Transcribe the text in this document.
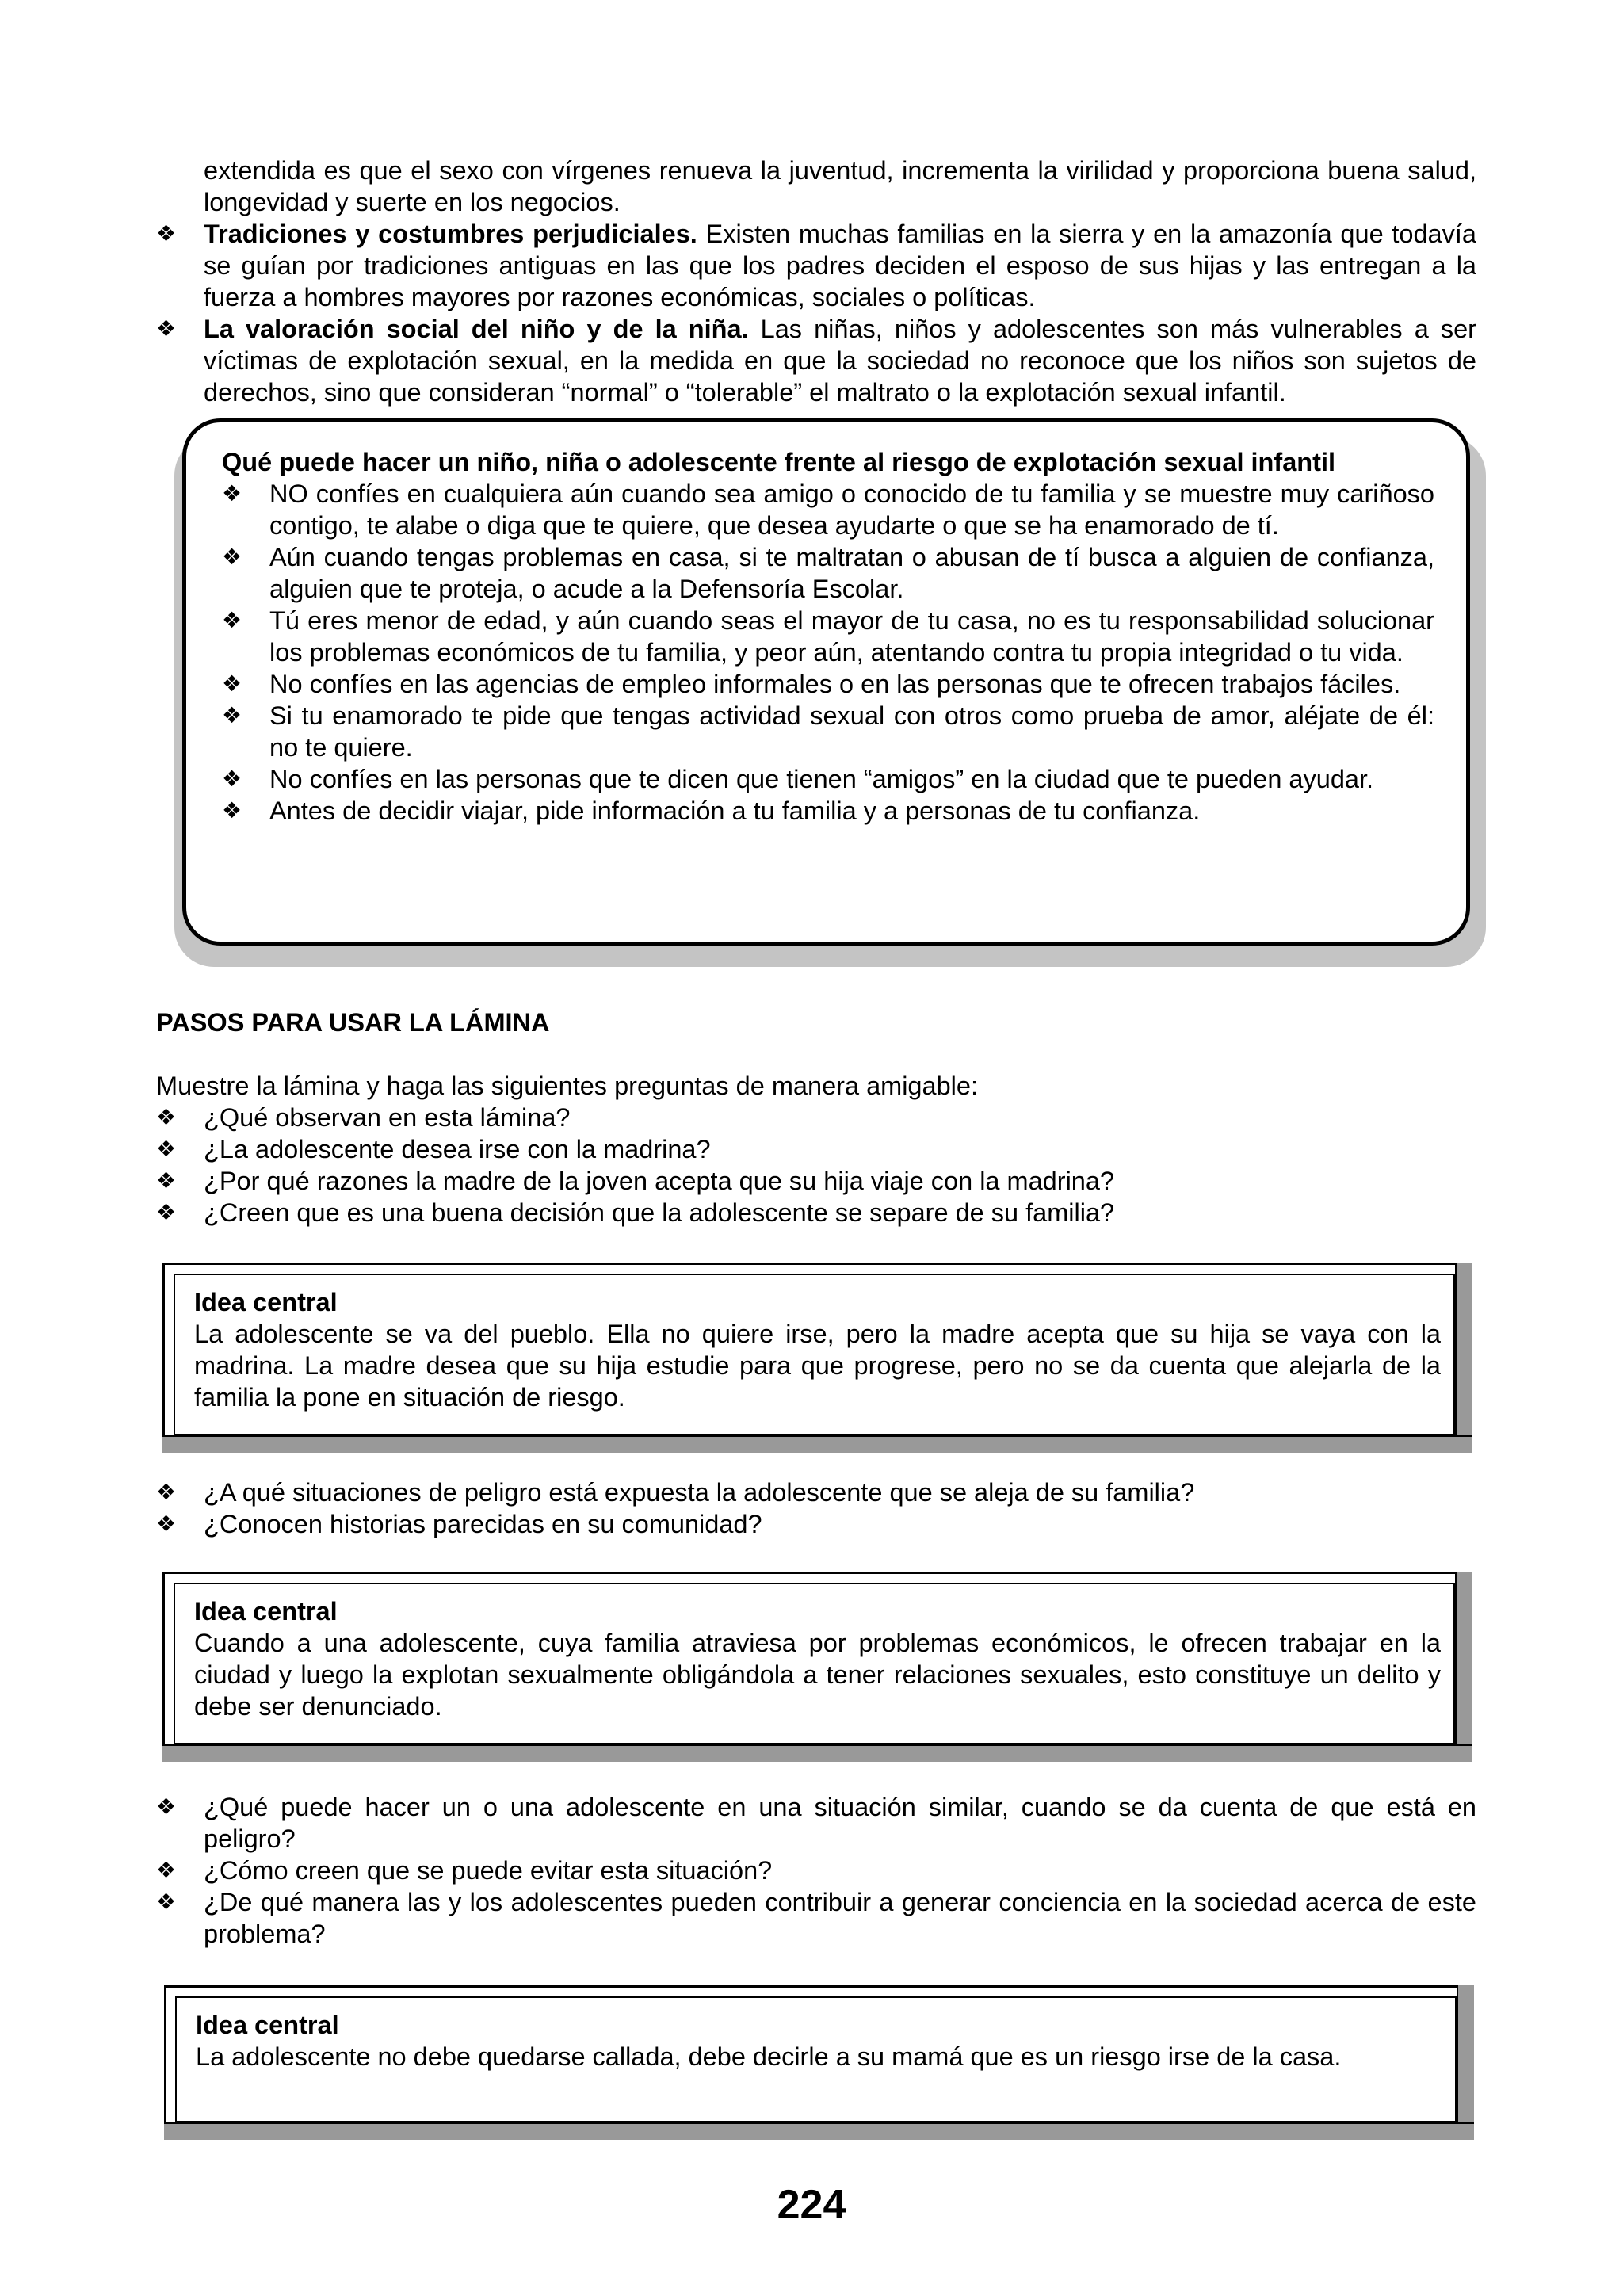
extendida es que el sexo con vírgenes renueva la juventud, incrementa la virilidad y proporciona buena salud, longevidad y suerte en los negocios.
❖	Tradiciones y costumbres perjudiciales. Existen muchas familias en la sierra y en la amazonía que todavía se guían por tradiciones antiguas en las que los padres deciden el esposo de sus hijas y las entregan a la fuerza a hombres mayores por razones económicas, sociales o políticas.
❖	La valoración social del niño y de la niña. Las niñas, niños y adolescentes son más vulnerables a ser víctimas de explotación sexual, en la medida en que la sociedad no reconoce que los niños son sujetos de derechos, sino que consideran “normal” o “tolerable” el maltrato o la explotación sexual infantil.
Qué puede hacer un niño, niña o adolescente frente al riesgo de explotación sexual infantil
❖	NO confíes en cualquiera aún cuando sea amigo o conocido de tu familia y se muestre muy cariñoso contigo, te alabe o diga que te quiere, que desea ayudarte o que se ha enamorado de tí.
❖	Aún cuando tengas problemas en casa, si te maltratan o abusan de tí busca a alguien de confianza, alguien que te proteja, o acude a la Defensoría Escolar.
❖	Tú eres menor de edad, y aún cuando seas el mayor de tu casa, no es tu responsabilidad solucionar los problemas económicos de tu familia, y peor aún, atentando contra tu propia integridad o tu vida.
❖	No confíes en las agencias de empleo informales o en las personas que te ofrecen trabajos fáciles.
❖	Si tu enamorado te pide que tengas actividad sexual con otros como prueba de amor, aléjate de él: no te quiere.
❖	No confíes en las personas que te dicen que tienen “amigos” en la ciudad que te pueden ayudar.
❖	Antes de decidir viajar, pide información a tu familia y a personas de tu confianza.
PASOS PARA USAR LA LÁMINA
Muestre la lámina y haga las siguientes preguntas de manera amigable:
❖	¿Qué observan en esta lámina?
❖	¿La adolescente desea irse con la madrina?
❖	¿Por qué razones la madre de la joven acepta que su hija viaje con la madrina?
❖	¿Creen que es una buena decisión que la adolescente se separe de su familia?
Idea central
La adolescente se va del pueblo. Ella no quiere irse, pero la madre acepta que su hija se vaya con la madrina. La madre desea que su hija estudie para que progrese, pero no se da cuenta que alejarla de la familia la pone en situación de riesgo.
❖	¿A qué situaciones de peligro está expuesta la adolescente que se aleja de su familia?
❖	¿Conocen historias parecidas en su comunidad?
Idea central
Cuando a una adolescente, cuya familia atraviesa por problemas económicos, le ofrecen trabajar en la ciudad y luego la explotan sexualmente obligándola a tener relaciones sexuales, esto constituye un delito y debe ser denunciado.
❖	¿Qué puede hacer un o una adolescente en una situación similar, cuando se da cuenta de que está en peligro?
❖	¿Cómo creen que se puede evitar esta situación?
❖	¿De qué manera las y los adolescentes pueden contribuir a generar conciencia en la sociedad acerca de este problema?
Idea central
La adolescente no debe quedarse callada, debe decirle a su mamá que es un riesgo irse de la casa.
224
